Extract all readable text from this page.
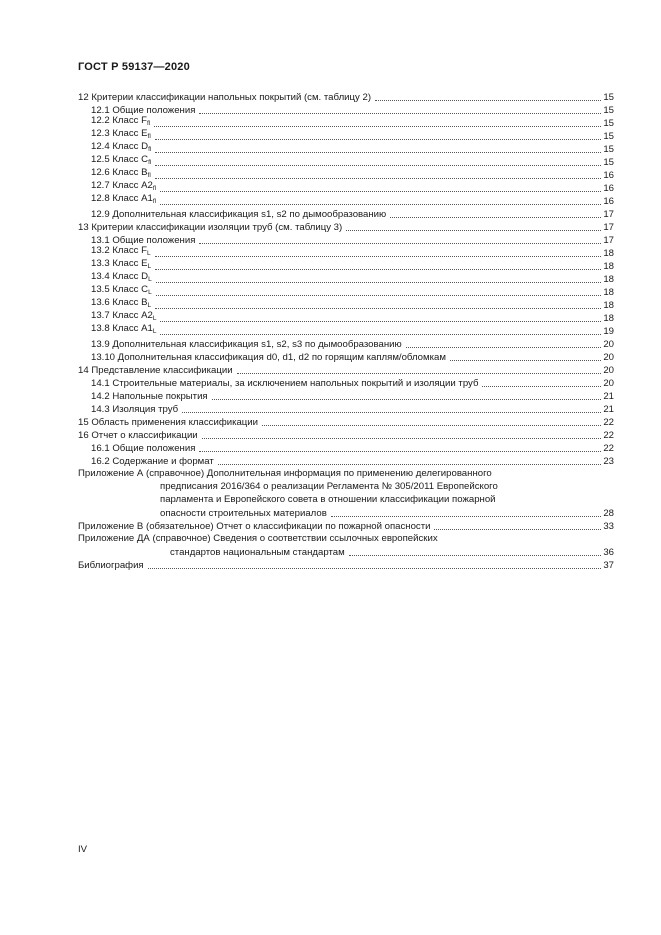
ГОСТ Р 59137—2020
12 Критерии классификации напольных покрытий (см. таблицу 2)	15
12.1 Общие положения	15
12.2 Класс $F_{fl}$	15
12.3 Класс $E_{fl}$	15
12.4 Класс $D_{fl}$	15
12.5 Класс $C_{fl}$	15
12.6 Класс $B_{fl}$	16
12.7 Класс $A2_{fl}$	16
12.8 Класс $A1_{fl}$	16
12.9 Дополнительная классификация s1, s2 по дымообразованию	17
13 Критерии классификации изоляции труб (см. таблицу 3)	17
13.1 Общие положения	17
13.2 Класс $F_L$	18
13.3 Класс $E_L$	18
13.4 Класс $D_L$	18
13.5 Класс $C_L$	18
13.6 Класс $B_L$	18
13.7 Класс $A2_L$	18
13.8 Класс $A1_L$	19
13.9 Дополнительная классификация s1, s2, s3 по дымообразованию	20
13.10 Дополнительная классификация d0, d1, d2 по горящим каплям/обломкам	20
14 Представление классификации	20
14.1 Строительные материалы, за исключением напольных покрытий и изоляции труб	20
14.2 Напольные покрытия	21
14.3 Изоляция труб	21
15 Область применения классификации	22
16 Отчет о классификации	22
16.1 Общие положения	22
16.2 Содержание и формат	23
Приложение А (справочное) Дополнительная информация по применению делегированного
предписания 2016/364 о реализации Регламента № 305/2011 Европейского
парламента и Европейского совета в отношении классификации пожарной
опасности строительных материалов	28
Приложение В (обязательное) Отчет о классификации по пожарной опасности	33
Приложение ДА (справочное) Сведения о соответствии ссылочных европейских
стандартов национальным стандартам	36
Библиография	37
IV
